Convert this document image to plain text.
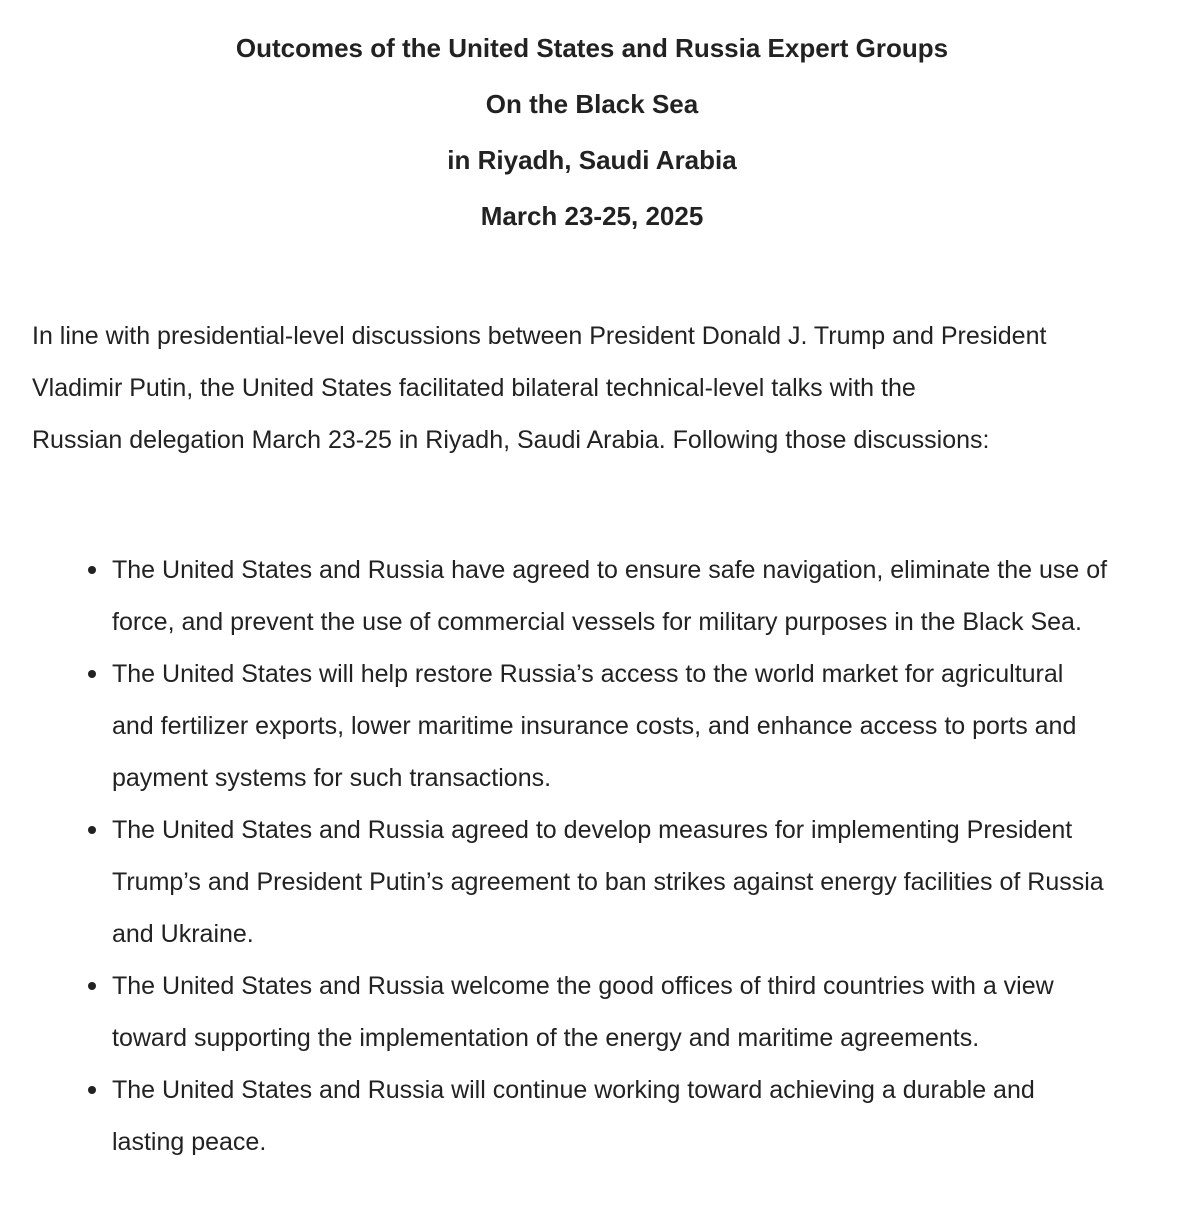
Outcomes of the United States and Russia Expert Groups

On the Black Sea

in Riyadh, Saudi Arabia

March 23-25, 2025

In line with presidential-level discussions between President Donald J. Trump and President
Vladimir Putin, the United States facilitated bilateral technical-level talks with the
Russian delegation March 23-25 in Riyadh, Saudi Arabia. Following those discussions:

The United States and Russia have agreed to ensure safe navigation, eliminate the use of
force, and prevent the use of commercial vessels for military purposes in the Black Sea.
The United States will help restore Russia’s access to the world market for agricultural
and fertilizer exports, lower maritime insurance costs, and enhance access to ports and
payment systems for such transactions.
The United States and Russia agreed to develop measures for implementing President
Trump’s and President Putin’s agreement to ban strikes against energy facilities of Russia
and Ukraine.
The United States and Russia welcome the good offices of third countries with a view
toward supporting the implementation of the energy and maritime agreements.
The United States and Russia will continue working toward achieving a durable and
lasting peace.
